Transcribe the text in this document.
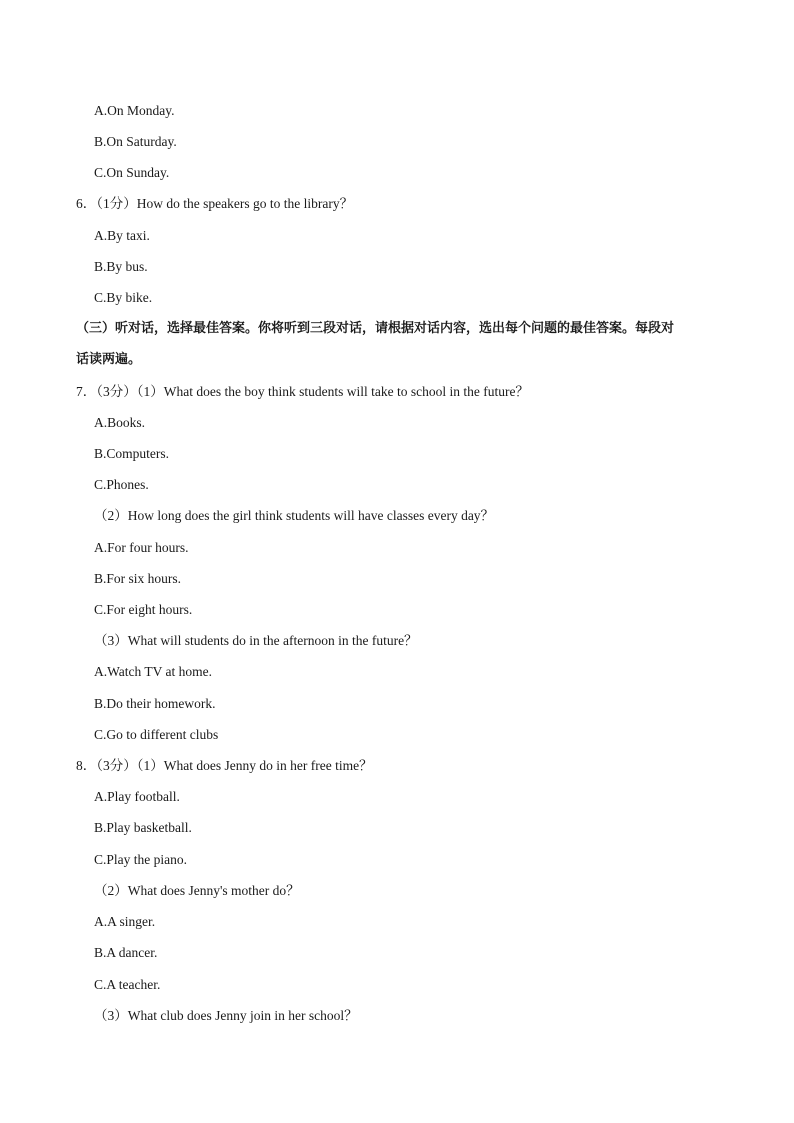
A.On Monday.
B.On Saturday.
C.On Sunday.
6．（1分）How do the speakers go to the library？
A.By taxi.
B.By bus.
C.By bike.
（三）听对话，选择最佳答案。你将听到三段对话，请根据对话内容，选出每个问题的最佳答案。每段对
话读两遍。
7．（3分）（1）What does the boy think students will take to school in the future？
A.Books.
B.Computers.
C.Phones.
（2）How long does the girl think students will have classes every day？
A.For four hours.
B.For six hours.
C.For eight hours.
（3）What will students do in the afternoon in the future？
A.Watch TV at home.
B.Do their homework.
C.Go to different clubs
8．（3分）（1）What does Jenny do in her free time？
A.Play football.
B.Play basketball.
C.Play the piano.
（2）What does Jenny's mother do？
A.A singer.
B.A dancer.
C.A teacher.
（3）What club does Jenny join in her school？
